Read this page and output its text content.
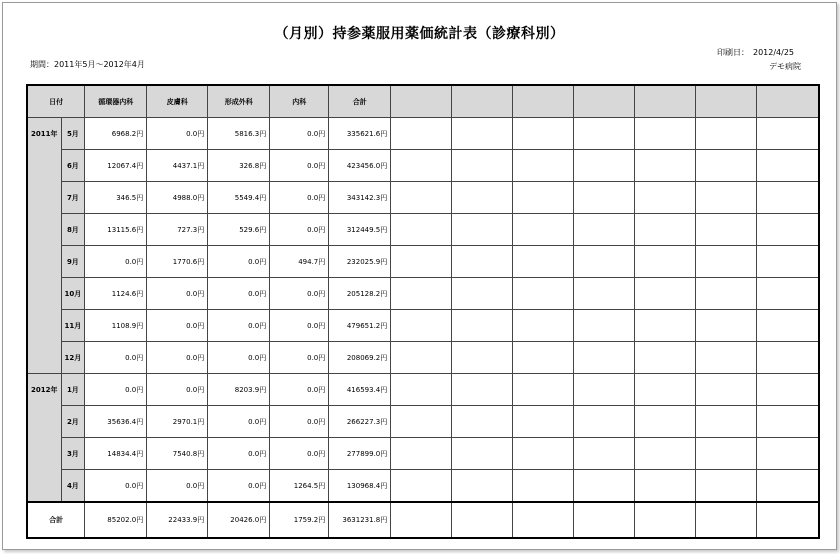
（月別）持参薬服用薬価統計表（診療科別）
期間：2011年5月～2012年4月
印刷日：　2012/4/25
デモ病院
日付		循環器内科	皮膚科	形成外科	内科	合計							
2011年	5月	6968.2円	0.0円	5816.3円	0.0円	335621.6円							
	6月	12067.4円	4437.1円	326.8円	0.0円	423456.0円							
	7月	346.5円	4988.0円	5549.4円	0.0円	343142.3円							
	8月	13115.6円	727.3円	529.6円	0.0円	312449.5円							
	9月	0.0円	1770.6円	0.0円	494.7円	232025.9円							
	10月	1124.6円	0.0円	0.0円	0.0円	205128.2円							
	11月	1108.9円	0.0円	0.0円	0.0円	479651.2円							
	12月	0.0円	0.0円	0.0円	0.0円	208069.2円							
2012年	1月	0.0円	0.0円	8203.9円	0.0円	416593.4円							
	2月	35636.4円	2970.1円	0.0円	0.0円	266227.3円							
	3月	14834.4円	7540.8円	0.0円	0.0円	277899.0円							
	4月	0.0円	0.0円	0.0円	1264.5円	130968.4円							
合計		85202.0円	22433.9円	20426.0円	1759.2円	3631231.8円							
